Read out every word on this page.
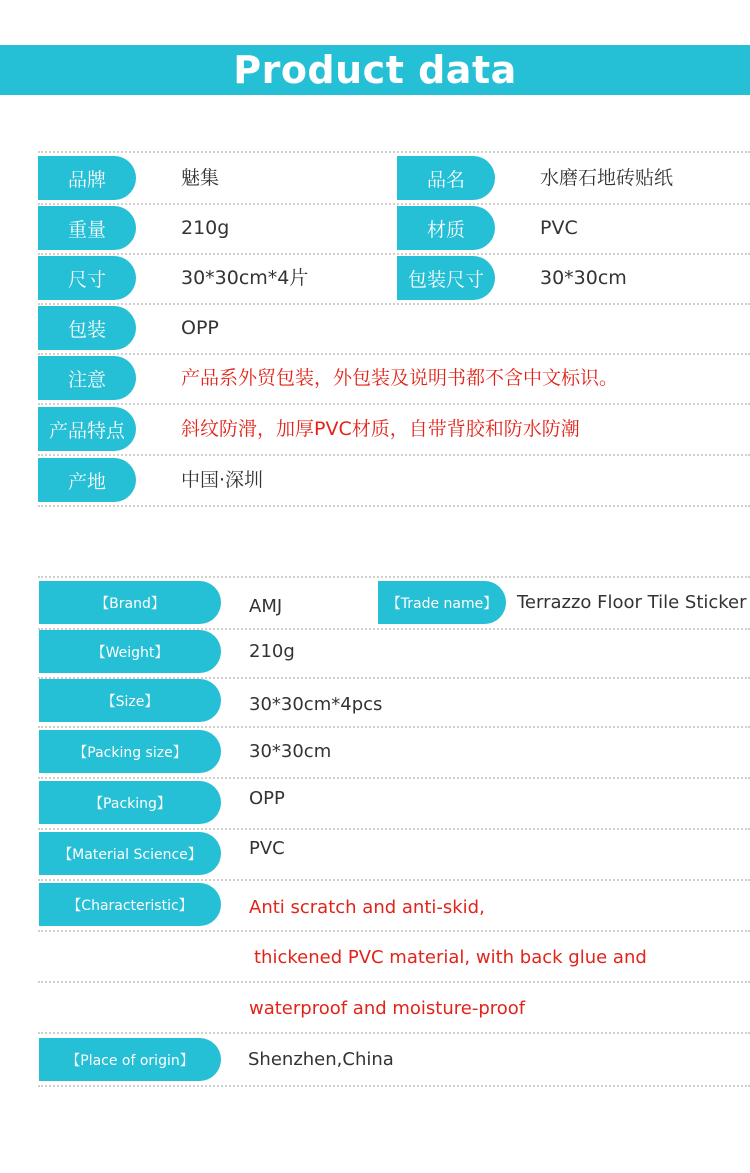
Product data
品牌	魅集	品名	水磨石地砖贴纸
重量	210g	材质	PVC
尺寸	30*30cm*4片	包装尺寸	30*30cm
包装	OPP
注意	产品系外贸包装，外包装及说明书都不含中文标识。
产品特点	斜纹防滑，加厚PVC材质，自带背胶和防水防潮
产地	中国·深圳
【Brand】	AMJ	【Trade name】	Terrazzo Floor Tile Sticker
【Weight】	210g
【Size】	30*30cm*4pcs
【Packing size】	30*30cm
【Packing】	OPP
【Material Science】	PVC
【Characteristic】	Anti scratch and anti-skid,
thickened PVC material, with back glue and
waterproof and moisture-proof
【Place of origin】	Shenzhen,China
